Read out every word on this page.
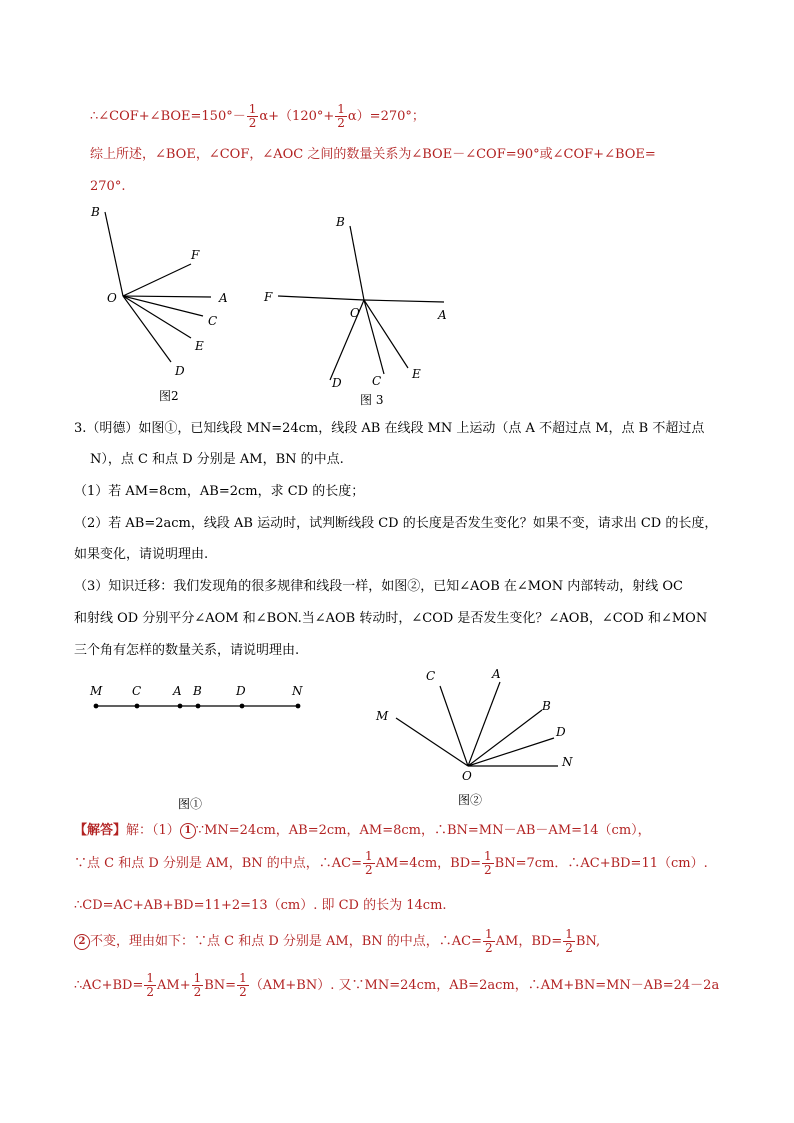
∴∠COF+∠BOE=150°－ $\frac{1}{2} \alpha+(120^\circ+ \frac{1}{2} \alpha)=270^\circ$；
综上所述，∠BOE，∠COF，∠AOC 之间的数量关系为∠BOE－∠COF=90°或∠COF+∠BOE=
270°.
B
F
O	A
C
E
D
图2
B
F
O	A
D	C	E
图 3
3.（明德）如图①，已知线段 MN=24cm，线段 AB 在线段 MN 上运动（点 A 不超过点 M，点 B 不超过点
N），点 C 和点 D 分别是 AM，BN 的中点.
（1）若 AM=8cm，AB=2cm，求 CD 的长度；
（2）若 AB=2acm，线段 AB 运动时，试判断线段 CD 的长度是否发生变化？如果不变，请求出 CD 的长度，
如果变化，请说明理由.
（3）知识迁移：我们发现角的很多规律和线段一样，如图②，已知∠AOB 在∠MON 内部转动，射线 OC
和射线 OD 分别平分∠AOM 和∠BON.当∠AOB 转动时，∠COD 是否发生变化？∠AOB，∠COD 和∠MON
三个角有怎样的数量关系，请说明理由.
M C	A B	D	N
图①
C	A
M
B
D
O
N
图②
【解答】解：（1） 1 ∵MN=24cm，AB=2cm，AM=8cm，∴BN=MN－AB－AM=14（cm），
∵点 C 和点 D 分别是 AM，BN 的中点，∴AC= $\frac{1}{2} AM=4cm$，$BD= \frac{1}{2} BN=7cm$．∴AC+BD=11（cm）.
∴CD=AC+AB+BD=11+2=13（cm）. 即 CD 的长为 14cm.
2 不变，理由如下：∵点 C 和点 D 分别是 AM，BN 的中点，∴AC= $\frac{1}{2}$ AM，$BD= \frac{1}{2}$ BN,
∴AC+BD= $\frac{1}{2} AM+ \frac{1}{2} BN= \frac{1}{2} (AM+BN)$. 又∵MN=24cm，AB=2acm，∴AM+BN=MN－AB=24－2a
